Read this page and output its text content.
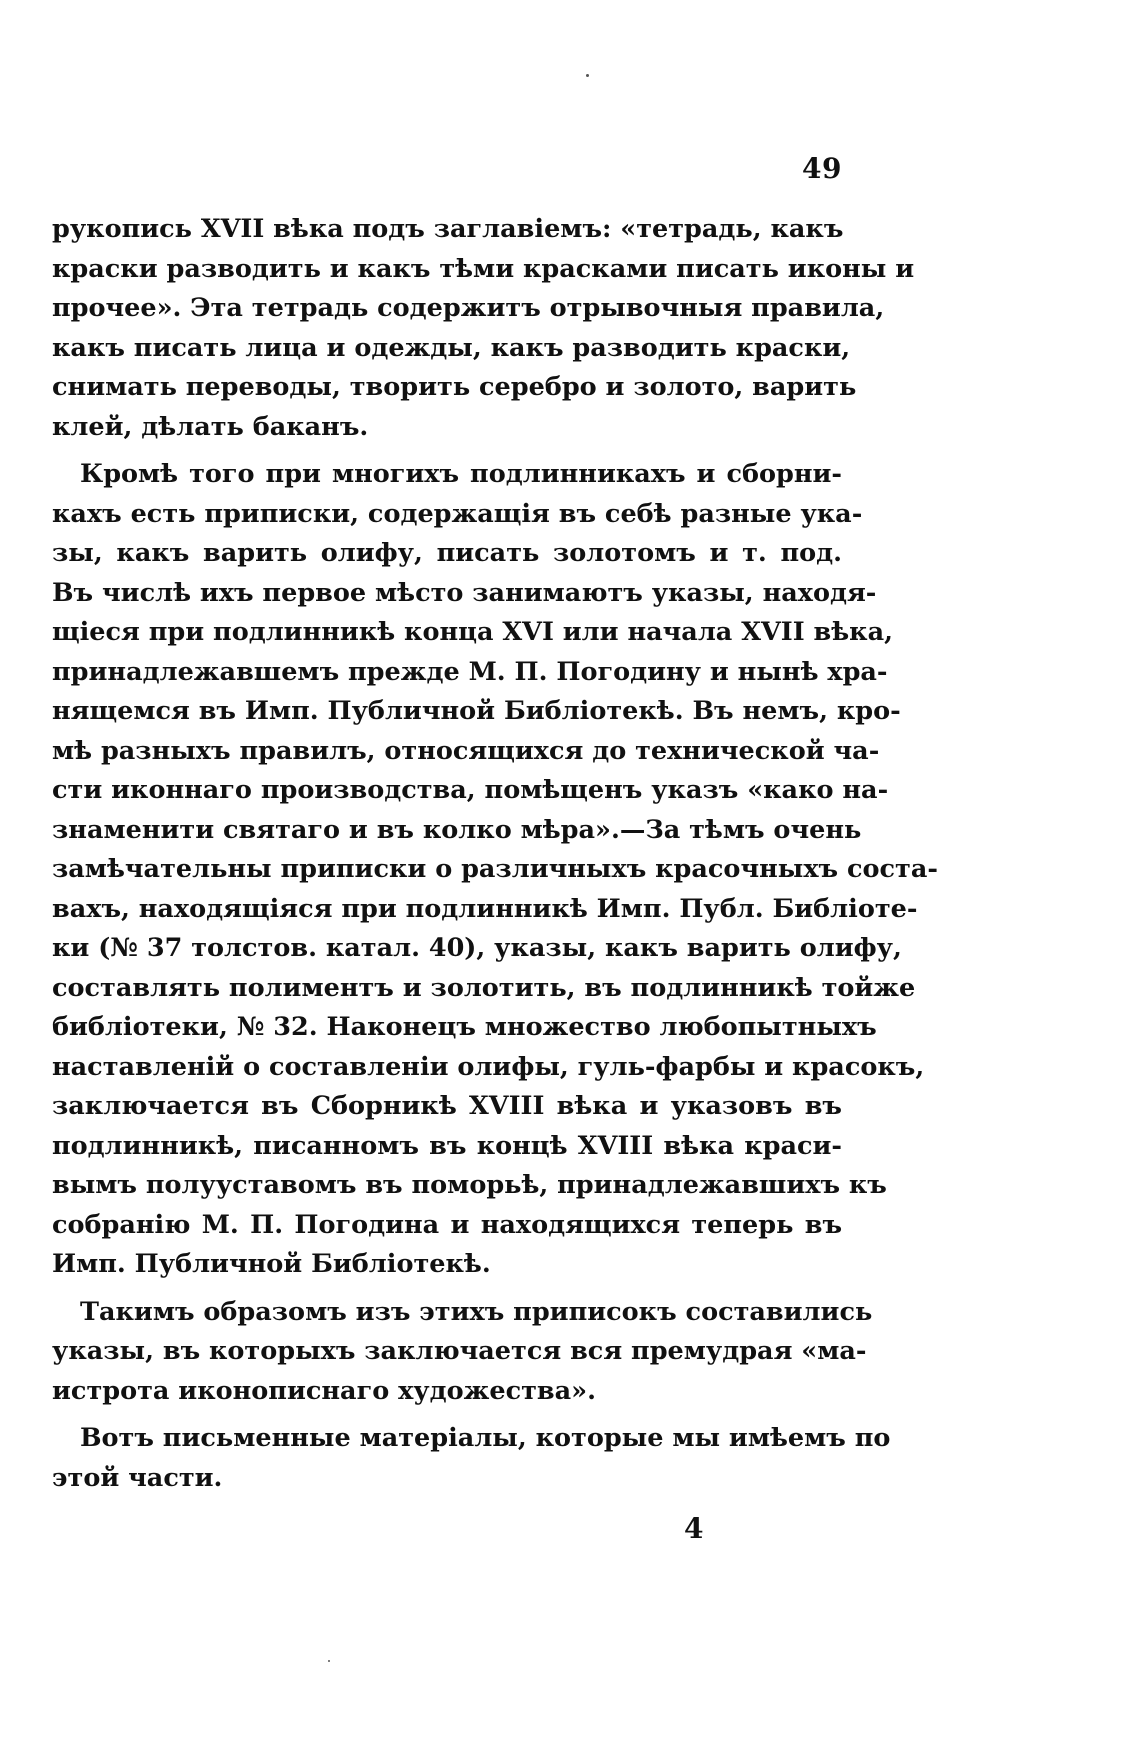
49
рукопись XVII вѣка подъ заглавіемъ: «тетрадь, какъ
краски разводить и какъ тѣми красками писать иконы и
прочее». Эта тетрадь содержитъ отрывочныя правила,
какъ писать лица и одежды, какъ разводить краски,
снимать переводы, творить серебро и золото, варить
клей, дѣлать баканъ.
Кромѣ того при многихъ подлинникахъ и сборни-
кахъ есть приписки, содержащія въ себѣ разные ука-
зы, какъ варить олифу, писать золотомъ и т. под.
Въ числѣ ихъ первое мѣсто занимаютъ указы, находя-
щіеся при подлинникѣ конца XVI или начала XVII вѣка,
принадлежавшемъ прежде М. П. Погодину и нынѣ хра-
нящемся въ Имп. Публичной Библіотекѣ. Въ немъ, кро-
мѣ разныхъ правилъ, относящихся до технической ча-
сти иконнаго производства, помѣщенъ указъ «како на-
знаменити святаго и въ колко мѣра».—За тѣмъ очень
замѣчательны приписки о различныхъ красочныхъ соста-
вахъ, находящіяся при подлинникѣ Имп. Публ. Библіоте-
ки (№ 37 толстов. катал. 40), указы, какъ варить олифу,
составлять полиментъ и золотить, въ подлинникѣ тойже
библіотеки, № 32. Наконецъ множество любопытныхъ
наставленій о составленіи олифы, гуль-фарбы и красокъ,
заключается въ Сборникѣ XVIII вѣка и указовъ въ
подлинникѣ, писанномъ въ концѣ XVIII вѣка краси-
вымъ полууставомъ въ поморьѣ, принадлежавшихъ къ
собранію М. П. Погодина и находящихся теперь въ
Имп. Публичной Библіотекѣ.
Такимъ образомъ изъ этихъ приписокъ составились
указы, въ которыхъ заключается вся премудрая «ма-
истрота иконописнаго художества».
Вотъ письменные матеріалы, которые мы имѣемъ по
этой части.
4
